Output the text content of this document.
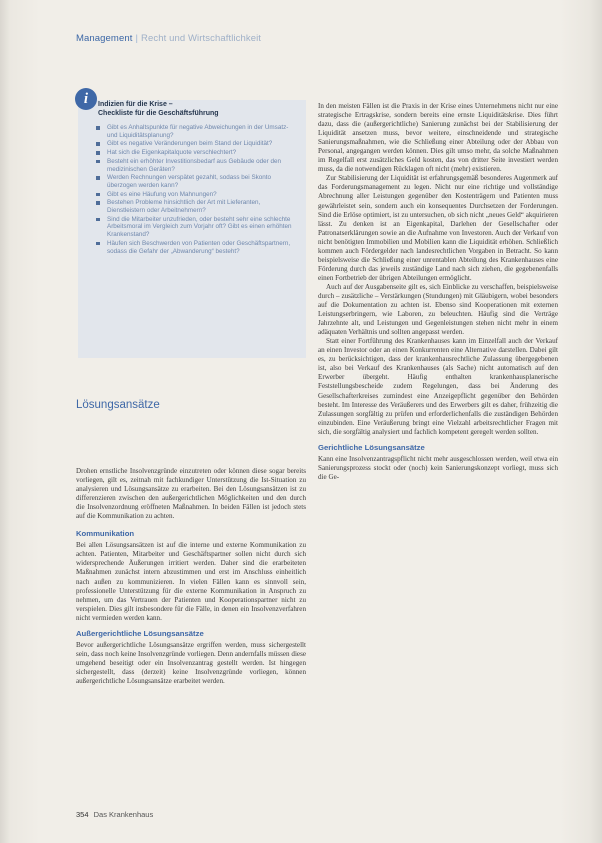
Management | Recht und Wirtschaftlichkeit
i	Indizien für die Krise –
Checkliste für die Geschäftsführung
Gibt es Anhaltspunkte für negative Abweichungen in der Umsatz- und Liquiditätsplanung?
Gibt es negative Veränderungen beim Stand der Liquidität?
Hat sich die Eigenkapitalquote verschlechtert?
Besteht ein erhöhter Investitionsbedarf aus Gebäude oder den medizinischen Geräten?
Werden Rechnungen verspätet gezahlt, sodass bei Skonto überzogen werden kann?
Gibt es eine Häufung von Mahnungen?
Bestehen Probleme hinsichtlich der Art mit Lieferanten, Dienstleistern oder Arbeitnehmern?
Sind die Mitarbeiter unzufrieden, oder besteht sehr eine schlechte Arbeitsmoral im Vergleich zum Vorjahr oft? Gibt es einen erhöhten Krankenstand?
Häufen sich Beschwerden von Patienten oder Geschäftspartnern, sodass die Gefahr der „Abwanderung“ besteht?
Lösungsansätze

Drohen ernstliche Insolvenzgründe einzutreten oder können diese sogar bereits vorliegen, gilt es, zeitnah mit fachkundiger Unterstützung die Ist-Situation zu analysieren und Lösungsansätze zu erarbeiten. Bei den Lösungsansätzen ist zu differenzieren zwischen den außergerichtlichen Möglichkeiten und den durch die Insolvenzordnung eröffneten Maßnahmen. In beiden Fällen ist jedoch stets auf die Kommunikation zu achten.

Kommunikation

Bei allen Lösungsansätzen ist auf die interne und externe Kommunikation zu achten. Patienten, Mitarbeiter und Geschäftspartner sollen nicht durch sich widersprechende Äußerungen irritiert werden. Daher sind die erarbeiteten Maßnahmen zunächst intern abzustimmen und erst im Anschluss einheitlich nach außen zu kommunizieren. In vielen Fällen kann es sinnvoll sein, professionelle Unterstützung für die externe Kommunikation in Anspruch zu nehmen, um das Vertrauen der Patienten und Kooperationspartner nicht zu verspielen. Dies gilt insbesondere für die Fälle, in denen ein Insolvenzverfahren nicht vermieden werden kann.

Außergerichtliche Lösungsansätze

Bevor außergerichtliche Lösungsansätze ergriffen werden, muss sichergestellt sein, dass noch keine Insolvenzgründe vorliegen. Denn andernfalls müssen diese umgehend beseitigt oder ein Insolvenzantrag gestellt werden. Ist hingegen sichergestellt, dass (derzeit) keine Insolvenzgründe vorliegen, können außergerichtliche Lösungsansätze erarbeitet werden.

In den meisten Fällen ist die Praxis in der Krise eines Unternehmens nicht nur eine strategische Ertragskrise, sondern bereits eine ernste Liquiditätskrise. Dies führt dazu, dass die (außergerichtliche) Sanierung zunächst bei der Stabilisierung der Liquidität ansetzen muss, bevor weitere, einschneidende und strategische Sanierungsmaßnahmen, wie die Schließung einer Abteilung oder der Abbau von Personal, angegangen werden können. Dies gilt umso mehr, da solche Maßnahmen im Regelfall erst zusätzliches Geld kosten, das von dritter Seite investiert werden muss, da die notwendigen Rücklagen oft nicht (mehr) existieren.

Zur Stabilisierung der Liquidität ist erfahrungsgemäß besonderes Augenmerk auf das Forderungsmanagement zu legen. Nicht nur eine richtige und vollständige Abrechnung aller Leistungen gegenüber den Kostenträgern und Patienten muss gewährleistet sein, sondern auch ein konsequentes Durchsetzen der Forderungen. Sind die Erlöse optimiert, ist zu untersuchen, ob sich nicht „neues Geld“ akquirieren lässt. Zu denken ist an Eigenkapital, Darlehen der Gesellschafter oder Patronatserklärungen sowie an die Aufnahme von Investoren. Auch der Verkauf von nicht benötigten Immobilien und Mobilien kann die Liquidität erhöhen. Schließlich kommen auch Fördergelder nach landesrechtlichen Vorgaben in Betracht. So kann beispielsweise die Schließung einer unrentablen Abteilung des Krankenhauses eine Förderung durch das jeweils zuständige Land nach sich ziehen, die gegebenenfalls einen Fortbetrieb der übrigen Abteilungen ermöglicht.

Auch auf der Ausgabenseite gilt es, sich Einblicke zu verschaffen, beispielsweise durch – zusätzliche – Verstärkungen (Stundungen) mit Gläubigern, wobei besonders auf die Dokumentation zu achten ist. Ebenso sind Kooperationen mit externen Leistungserbringern, wie Laboren, zu beleuchten. Häufig sind die Verträge Jahrzehnte alt, und Leistungen und Gegenleistungen stehen nicht mehr in einem adäquaten Verhältnis und sollten angepasst werden.

Statt einer Fortführung des Krankenhauses kann im Einzelfall auch der Verkauf an einen Investor oder an einen Konkurrenten eine Alternative darstellen. Dabei gilt es, zu berücksichtigen, dass der krankenhausrechtliche Zulassung übergegebenen ist, also bei Verkauf des Krankenhauses (als Sache) nicht automatisch auf den Erwerber übergeht. Häufig enthalten krankenhausplanerische Feststellungsbescheide zudem Regelungen, dass bei Änderung des Gesellschafterkreises zumindest eine Anzeigepflicht gegenüber den Behörden besteht. Im Interesse des Veräußerers und des Erwerbers gilt es daher, frühzeitig die Zulassungen sorgfältig zu prüfen und erforderlichenfalls die zuständigen Behörden einzubinden. Eine Veräußerung bringt eine Vielzahl arbeitsrechtlicher Fragen mit sich, die sorgfältig analysiert und fachlich kompetent geregelt werden sollten.

Gerichtliche Lösungsansätze

Kann eine Insolvenzantragspflicht nicht mehr ausgeschlossen werden, weil etwa ein Sanierungsprozess stockt oder (noch) kein Sanierungskonzept vorliegt, muss sich die Ge-

354 Das Krankenhaus
